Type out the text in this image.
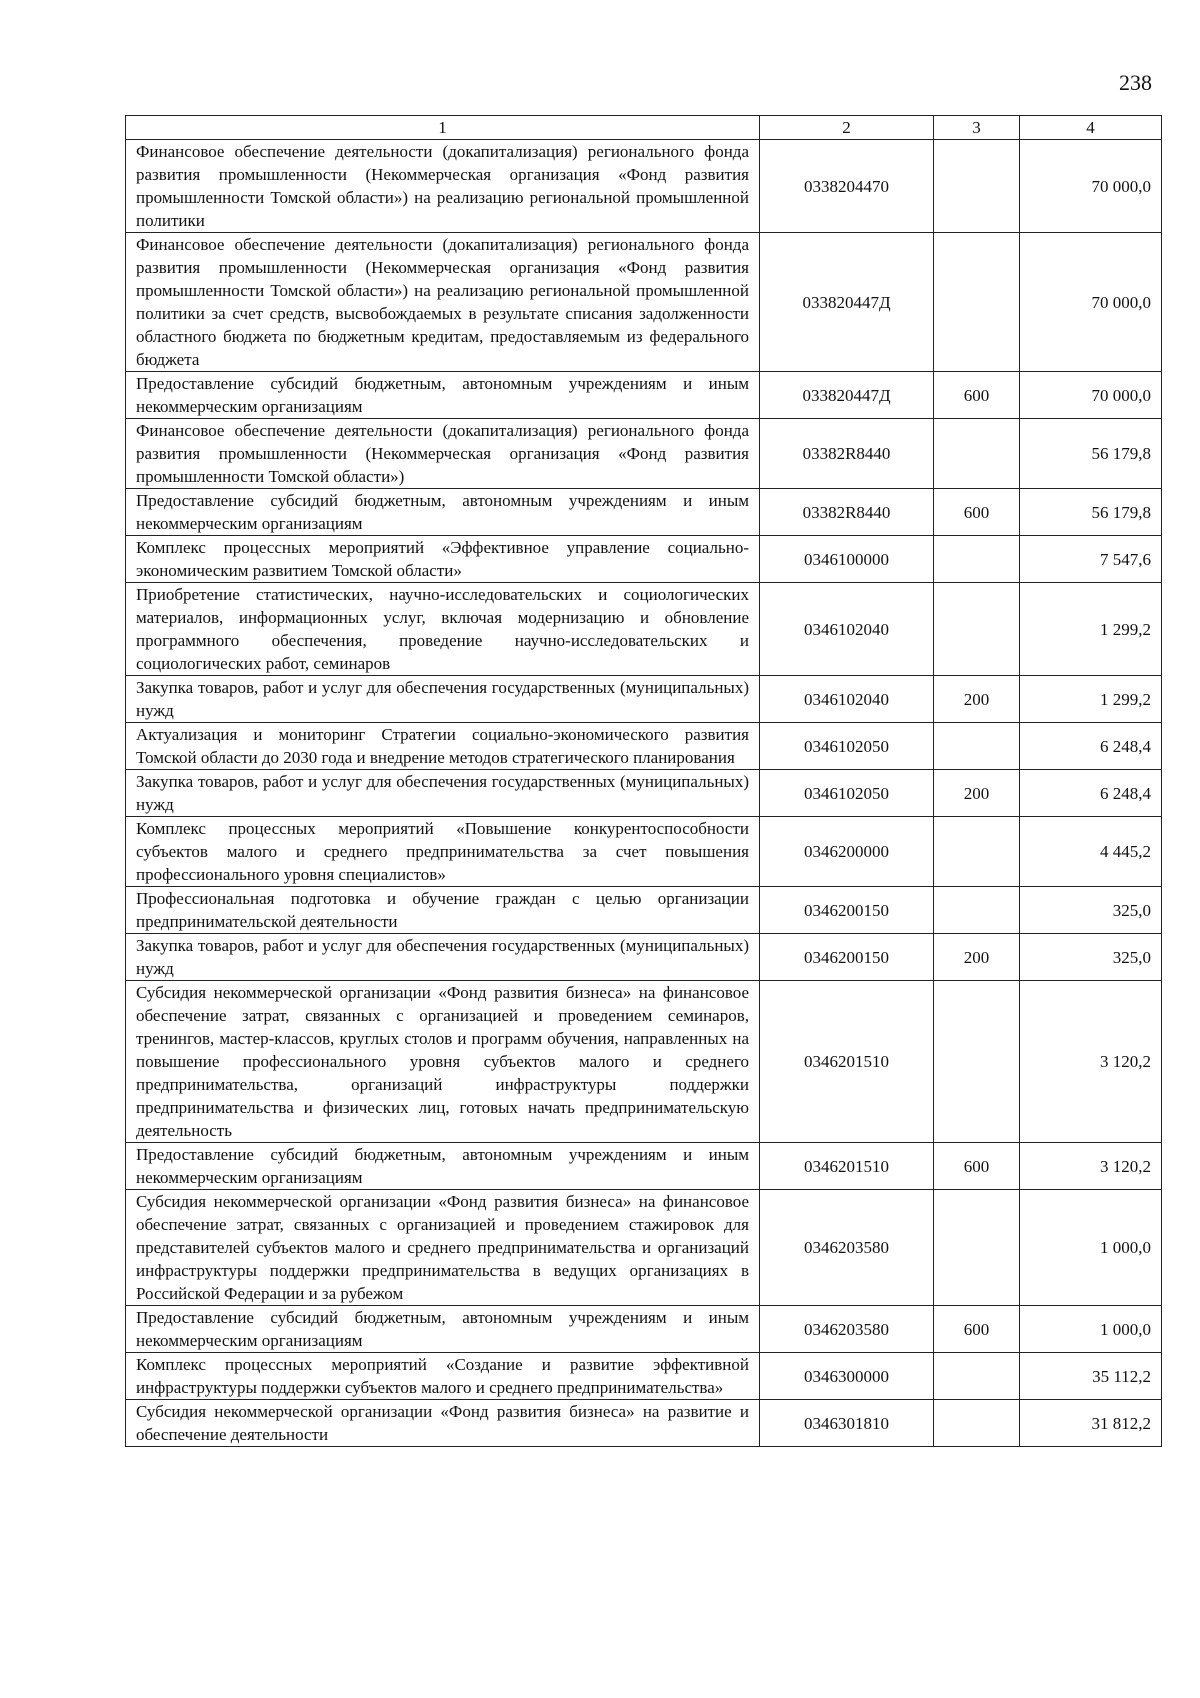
238
1	2	3	4
Финансовое обеспечение деятельности (докапитализация) регионального фонда развития промышленности (Некоммерческая организация «Фонд развития промышленности Томской области») на реализацию региональной промышленной политики	0338204470		70 000,0
Финансовое обеспечение деятельности (докапитализация) регионального фонда развития промышленности (Некоммерческая организация «Фонд развития промышленности Томской области») на реализацию региональной промышленной политики за счет средств, высвобождаемых в результате списания задолженности областного бюджета по бюджетным кредитам, предоставляемым из федерального бюджета	033820447Д		70 000,0
Предоставление субсидий бюджетным, автономным учреждениям и иным некоммерческим организациям	033820447Д	600	70 000,0
Финансовое обеспечение деятельности (докапитализация) регионального фонда развития промышленности (Некоммерческая организация «Фонд развития промышленности Томской области»)	03382R8440		56 179,8
Предоставление субсидий бюджетным, автономным учреждениям и иным некоммерческим организациям	03382R8440	600	56 179,8
Комплекс процессных мероприятий «Эффективное управление социально-экономическим развитием Томской области»	0346100000		7 547,6
Приобретение статистических, научно-исследовательских и социологических материалов, информационных услуг, включая модернизацию и обновление программного обеспечения, проведение научно-исследовательских и социологических работ, семинаров	0346102040		1 299,2
Закупка товаров, работ и услуг для обеспечения государственных (муниципальных) нужд	0346102040	200	1 299,2
Актуализация и мониторинг Стратегии социально-экономического развития Томской области до 2030 года и внедрение методов стратегического планирования	0346102050		6 248,4
Закупка товаров, работ и услуг для обеспечения государственных (муниципальных) нужд	0346102050	200	6 248,4
Комплекс процессных мероприятий «Повышение конкурентоспособности субъектов малого и среднего предпринимательства за счет повышения профессионального уровня специалистов»	0346200000		4 445,2
Профессиональная подготовка и обучение граждан с целью организации предпринимательской деятельности	0346200150		325,0
Закупка товаров, работ и услуг для обеспечения государственных (муниципальных) нужд	0346200150	200	325,0
Субсидия некоммерческой организации «Фонд развития бизнеса» на финансовое обеспечение затрат, связанных с организацией и проведением семинаров, тренингов, мастер-классов, круглых столов и программ обучения, направленных на повышение профессионального уровня субъектов малого и среднего предпринимательства, организаций инфраструктуры поддержки предпринимательства и физических лиц, готовых начать предпринимательскую деятельность	0346201510		3 120,2
Предоставление субсидий бюджетным, автономным учреждениям и иным некоммерческим организациям	0346201510	600	3 120,2
Субсидия некоммерческой организации «Фонд развития бизнеса» на финансовое обеспечение затрат, связанных с организацией и проведением стажировок для представителей субъектов малого и среднего предпринимательства и организаций инфраструктуры поддержки предпринимательства в ведущих организациях в Российской Федерации и за рубежом	0346203580		1 000,0
Предоставление субсидий бюджетным, автономным учреждениям и иным некоммерческим организациям	0346203580	600	1 000,0
Комплекс процессных мероприятий «Создание и развитие эффективной инфраструктуры поддержки субъектов малого и среднего предпринимательства»	0346300000		35 112,2
Субсидия некоммерческой организации «Фонд развития бизнеса» на развитие и обеспечение деятельности	0346301810		31 812,2
